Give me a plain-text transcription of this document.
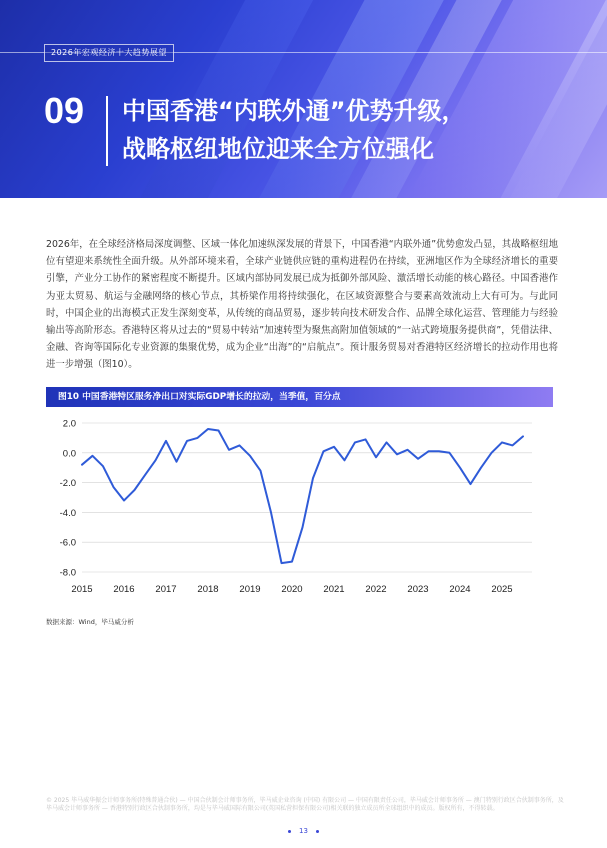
2026年宏观经济十大趋势展望
09 中国香港“内联外通”优势升级，
战略枢纽地位迎来全方位强化

2026年，在全球经济格局深度调整、区域一体化加速纵深发展的背景下，中国香港“内联外通”优势愈发凸显，其战略枢纽地位有望迎来系统性全面升级。从外部环境来看，全球产业链供应链的重构进程仍在持续，亚洲地区作为全球经济增长的重要引擎，产业分工协作的紧密程度不断提升。区域内部协同发展已成为抵御外部风险、激活增长动能的核心路径。中国香港作为亚太贸易、航运与金融网络的核心节点，其桥梁作用将持续强化，在区域资源整合与要素高效流动上大有可为。与此同时，中国企业的出海模式正发生深刻变革，从传统的商品贸易，逐步转向技术研发合作、品牌全球化运营、管理能力与经验输出等高阶形态。香港特区将从过去的“贸易中转站”加速转型为聚焦高附加值领域的“一站式跨境服务提供商”，凭借法律、金融、咨询等国际化专业资源的集聚优势，成为企业“出海”的“启航点”。预计服务贸易对香港特区经济增长的拉动作用也将进一步增强（图10）。

图10 中国香港特区服务净出口对实际GDP增长的拉动，当季值，百分点
2.0
0.0
-2.0
-4.0
-6.0
-8.0
2015 2016 2017 2018 2019 2020 2021 2022 2023 2024 2025
数据来源：Wind，毕马威分析

© 2025 毕马威华振会计师事务所(特殊普通合伙) — 中国合伙制会计师事务所，毕马威企业咨询 (中国) 有限公司 — 中国有限责任公司，毕马威会计师事务所 — 澳门特别行政区合伙制事务所，及毕马威会计师事务所 — 香港特别行政区合伙制事务所，均是与毕马威国际有限公司(英国私营担保有限公司)相关联的独立成员所全球组织中的成员。版权所有，不得转载。

13
